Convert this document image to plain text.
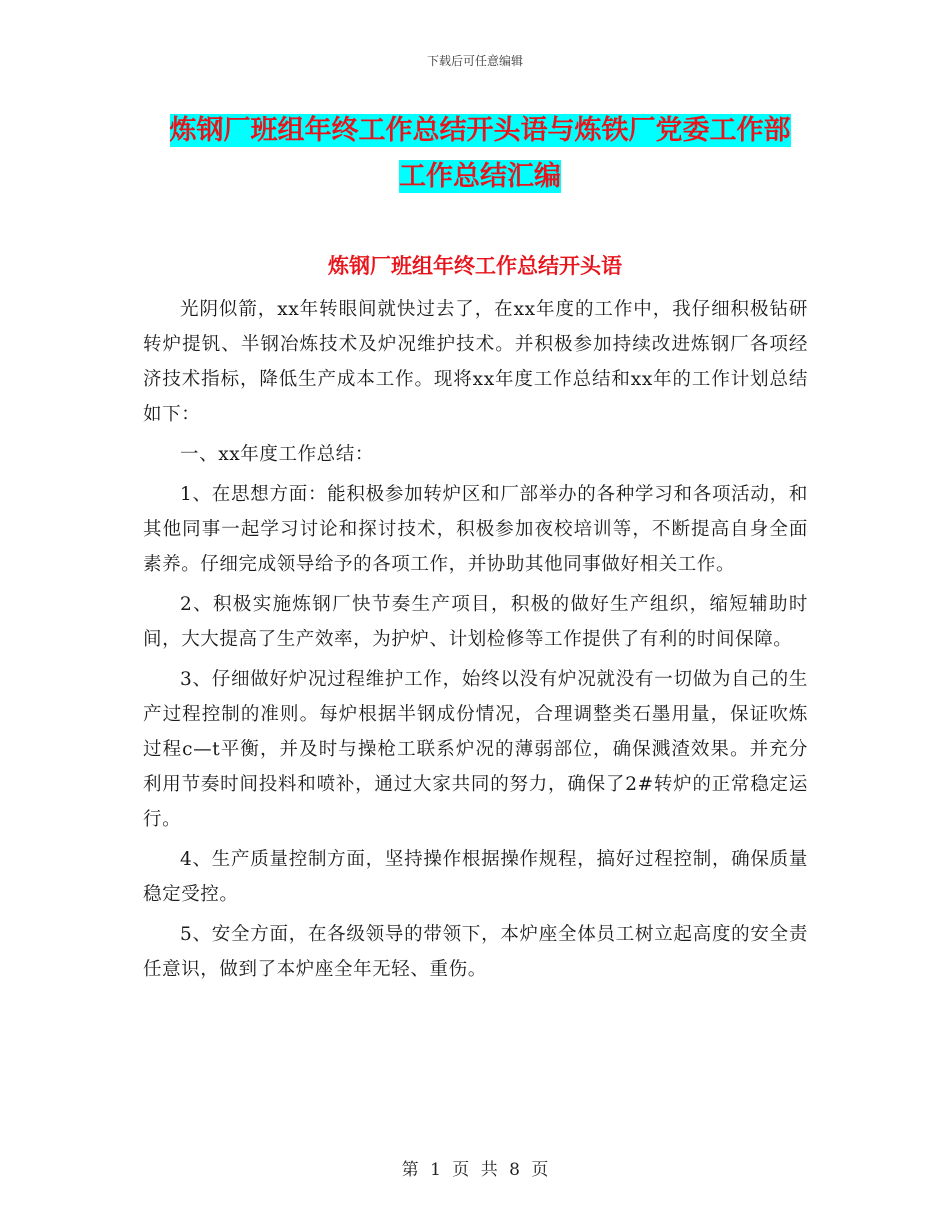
下载后可任意编辑
炼钢厂班组年终工作总结开头语与炼铁厂党委工作部
工作总结汇编
炼钢厂班组年终工作总结开头语

光阴似箭，xx年转眼间就快过去了，在xx年度的工作中，我仔细积极钻研转炉提钒、半钢冶炼技术及炉况维护技术。并积极参加持续改进炼钢厂各项经济技术指标，降低生产成本工作。现将xx年度工作总结和xx年的工作计划总结如下：

一、xx年度工作总结：

1、在思想方面：能积极参加转炉区和厂部举办的各种学习和各项活动，和其他同事一起学习讨论和探讨技术，积极参加夜校培训等，不断提高自身全面素养。仔细完成领导给予的各项工作，并协助其他同事做好相关工作。

2、积极实施炼钢厂快节奏生产项目，积极的做好生产组织，缩短辅助时间，大大提高了生产效率，为护炉、计划检修等工作提供了有利的时间保障。

3、仔细做好炉况过程维护工作，始终以没有炉况就没有一切做为自己的生产过程控制的准则。每炉根据半钢成份情况，合理调整类石墨用量，保证吹炼过程c—t平衡，并及时与操枪工联系炉况的薄弱部位，确保溅渣效果。并充分利用节奏时间投料和喷补，通过大家共同的努力，确保了2#转炉的正常稳定运行。

4、生产质量控制方面，坚持操作根据操作规程，搞好过程控制，确保质量稳定受控。

5、安全方面，在各级领导的带领下，本炉座全体员工树立起高度的安全责任意识，做到了本炉座全年无轻、重伤。

第 1 页 共 8 页
